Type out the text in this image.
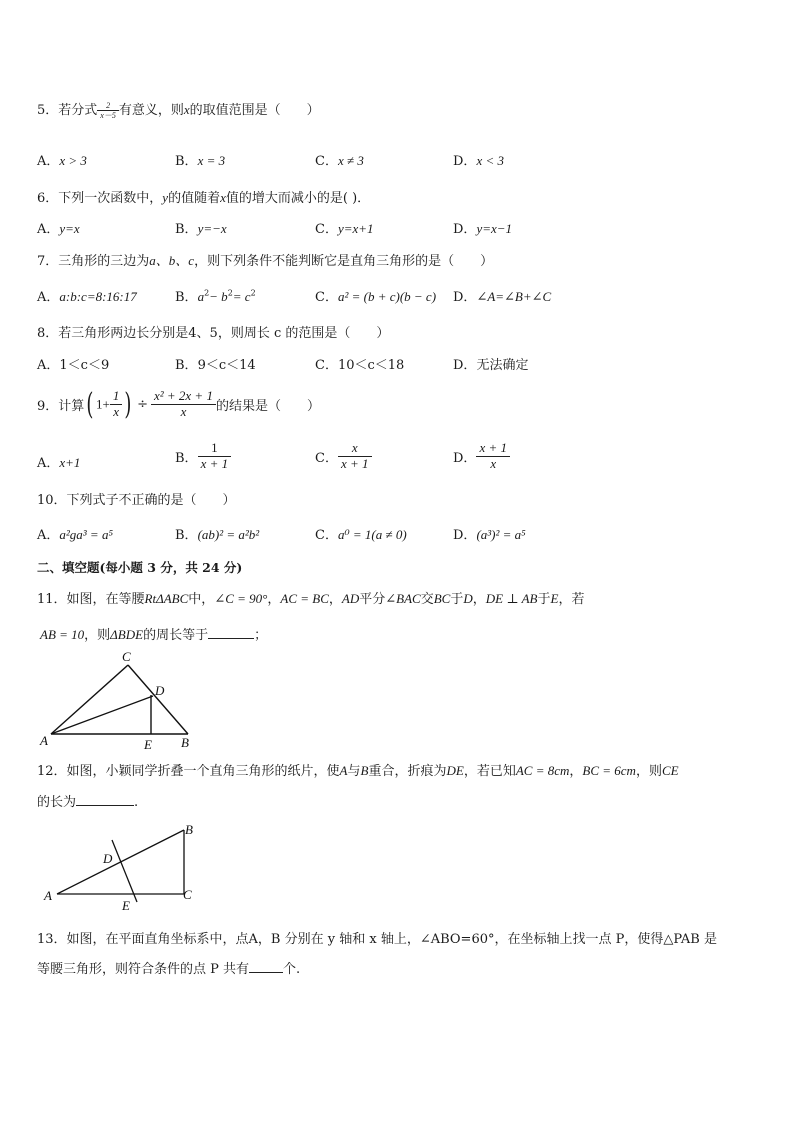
5．若分式 $\frac{2}{x-5}$ 有意义，则x的取值范围是（　　）
A．x > 3	B．x = 3	C．x ≠ 3	D．x < 3
6．下列一次函数中，y的值随着x值的增大而减小的是( )．
A．y=x	B．y=−x	C．y=x+1	D．y=x−1
7．三角形的三边为a、b、c，则下列条件不能判断它是直角三角形的是（　　）
A．a:b:c=8:16:17	B．$a^2- b^2= c^2$	C．a² = (b + c)(b − c) D．∠A=∠B+∠C
8．若三角形两边长分别是4、5，则周长 c 的范围是（　　）
A．1＜c＜9	B．9＜c＜14	C．10＜c＜18	D．无法确定
9．计算( $1+ \frac{1}{x}$ ) ÷ $\frac{\text{x² + 2x + 1}}{x}$ 的结果是（　　）
A．x+1	B． $\frac{1}{x + 1}$	C． $\frac{x}{x + 1}$	D． $\frac{x + 1}{x}$
10．下列式子不正确的是（　　）
A．a²ga³ = a⁵	B．(ab)² = a²b²	C．a⁰ = 1(a ≠ 0)	D．(a³)² = a⁵
二、填空题(每小题 3 分，共 24 分)
11．如图，在等腰RtΔABC中，∠C = 90°，AC = BC，AD平分∠BAC交BC于D，DE ⊥ AB于E，若
AB = 10，则ΔBDE的周长等于	；
C
D
A	E B
12．如图，小颖同学折叠一个直角三角形的纸片，使A与B重合，折痕为DE，若已知AC = 8cm，BC = 6cm，则CE
的长为	.
B
D
A
E
C
13．如图，在平面直角坐标系中，点A，B 分别在 y 轴和 x 轴上，∠ABO=60°，在坐标轴上找一点 P，使得△PAB 是
等腰三角形，则符合条件的点 P 共有	个.
